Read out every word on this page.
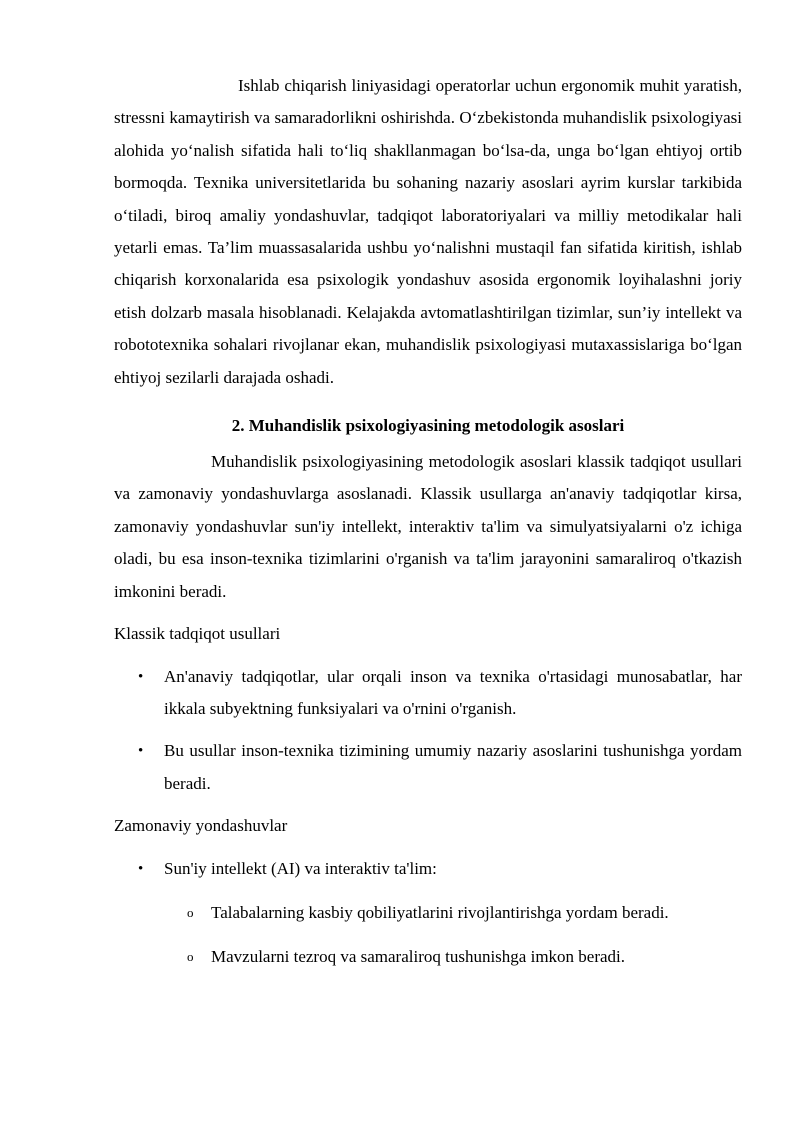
Ishlab chiqarish liniyasidagi operatorlar uchun ergonomik muhit yaratish, stressni kamaytirish va samaradorlikni oshirishda. O‘zbekistonda muhandislik psixologiyasi alohida yo‘nalish sifatida hali to‘liq shakllanmagan bo‘lsa-da, unga bo‘lgan ehtiyoj ortib bormoqda. Texnika universitetlarida bu sohaning nazariy asoslari ayrim kurslar tarkibida o‘tiladi, biroq amaliy yondashuvlar, tadqiqot laboratoriyalari va milliy metodikalar hali yetarli emas. Ta’lim muassasalarida ushbu yo‘nalishni mustaqil fan sifatida kiritish, ishlab chiqarish korxonalarida esa psixologik yondashuv asosida ergonomik loyihalashni joriy etish dolzarb masala hisoblanadi. Kelajakda avtomatlashtirilgan tizimlar, sun’iy intellekt va robototexnika sohalari rivojlanar ekan, muhandislik psixologiyasi mutaxassislariga bo‘lgan ehtiyoj sezilarli darajada oshadi.

2. Muhandislik psixologiyasining metodologik asoslari

Muhandislik psixologiyasining metodologik asoslari klassik tadqiqot usullari va zamonaviy yondashuvlarga asoslanadi. Klassik usullarga an'anaviy tadqiqotlar kirsa, zamonaviy yondashuvlar sun'iy intellekt, interaktiv ta'lim va simulyatsiyalarni o'z ichiga oladi, bu esa inson-texnika tizimlarini o'rganish va ta'lim jarayonini samaraliroq o'tkazish imkonini beradi.

Klassik tadqiqot usullari

• An'anaviy tadqiqotlar, ular orqali inson va texnika o'rtasidagi munosabatlar, har ikkala subyektning funksiyalari va o'rnini o'rganish.

• Bu usullar inson-texnika tizimining umumiy nazariy asoslarini tushunishga yordam beradi.

Zamonaviy yondashuvlar

• Sun'iy intellekt (AI) va interaktiv ta'lim:

o Talabalarning kasbiy qobiliyatlarini rivojlantirishga yordam beradi.

o Mavzularni tezroq va samaraliroq tushunishga imkon beradi.
